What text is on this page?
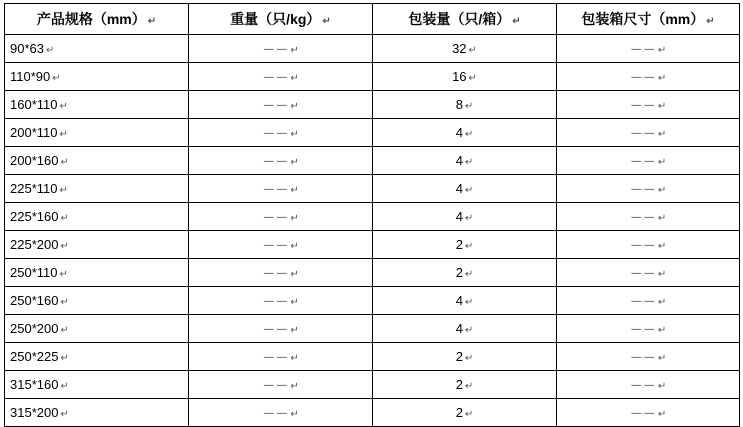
产品规格（mm） ↵	重量（只/kg） ↵	包装量（只/箱） ↵	包装箱尺寸（mm） ↵

90*63 ↵	－－ ↵	32 ↵	－－ ↵

110*90 ↵	－－ ↵	16 ↵	－－ ↵

160*110 ↵	－－ ↵	8 ↵	－－ ↵

200*110 ↵	－－ ↵	4 ↵	－－ ↵

200*160 ↵	－－ ↵	4 ↵	－－ ↵

225*110 ↵	－－ ↵	4 ↵	－－ ↵

225*160 ↵	－－ ↵	4 ↵	－－ ↵

225*200 ↵	－－ ↵	2 ↵	－－ ↵

250*110 ↵	－－ ↵	2 ↵	－－ ↵

250*160 ↵	－－ ↵	4 ↵	－－ ↵

250*200 ↵	－－ ↵	4 ↵	－－ ↵

250*225 ↵	－－ ↵	2 ↵	－－ ↵

315*160 ↵	－－ ↵	2 ↵	－－ ↵

315*200 ↵	－－ ↵	2 ↵	－－ ↵
